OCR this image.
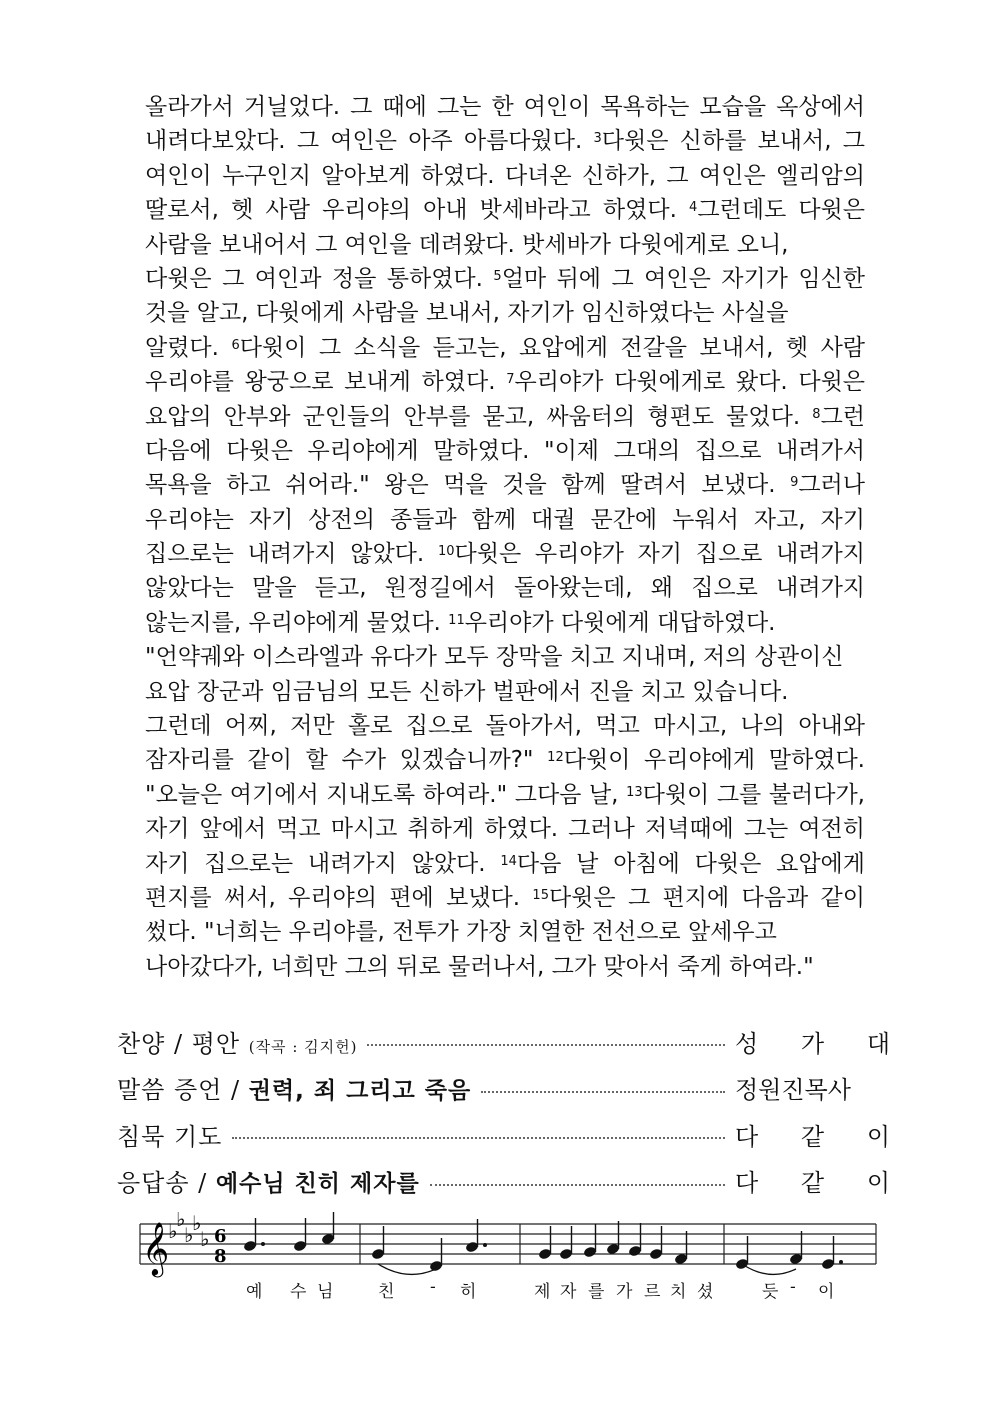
올라가서 거닐었다. 그 때에 그는 한 여인이 목욕하는 모습을 옥상에서
내려다보았다. 그 여인은 아주 아름다웠다. $^3$다윗은 신하를 보내서, 그
여인이 누구인지 알아보게 하였다. 다녀온 신하가, 그 여인은 엘리암의
딸로서, 헷 사람 우리야의 아내 밧세바라고 하였다. $^4$그런데도 다윗은
사람을 보내어서 그 여인을 데려왔다. 밧세바가 다윗에게로 오니,
다윗은 그 여인과 정을 통하였다. $^5$얼마 뒤에 그 여인은 자기가 임신한
것을 알고, 다윗에게 사람을 보내서, 자기가 임신하였다는 사실을
알렸다. $^6$다윗이 그 소식을 듣고는, 요압에게 전갈을 보내서, 헷 사람
우리야를 왕궁으로 보내게 하였다. $^7$우리야가 다윗에게로 왔다. 다윗은
요압의 안부와 군인들의 안부를 묻고, 싸움터의 형편도 물었다. $^8$그런
다음에 다윗은 우리야에게 말하였다. "이제 그대의 집으로 내려가서
목욕을 하고 쉬어라." 왕은 먹을 것을 함께 딸려서 보냈다. $^9$그러나
우리야는 자기 상전의 종들과 함께 대궐 문간에 누워서 자고, 자기
집으로는 내려가지 않았다. $^{10}$다윗은 우리야가 자기 집으로 내려가지
않았다는 말을 듣고, 원정길에서 돌아왔는데, 왜 집으로 내려가지
않는지를, 우리야에게 물었다. $^{11}$우리야가 다윗에게 대답하였다.
"언약궤와 이스라엘과 유다가 모두 장막을 치고 지내며, 저의 상관이신
요압 장군과 임금님의 모든 신하가 벌판에서 진을 치고 있습니다.
그런데 어찌, 저만 홀로 집으로 돌아가서, 먹고 마시고, 나의 아내와
잠자리를 같이 할 수가 있겠습니까?" $^{12}$다윗이 우리야에게 말하였다.
"오늘은 여기에서 지내도록 하여라." 그다음 날, $^{13}$다윗이 그를 불러다가,
자기 앞에서 먹고 마시고 취하게 하였다. 그러나 저녁때에 그는 여전히
자기 집으로는 내려가지 않았다. $^{14}$다음 날 아침에 다윗은 요압에게
편지를 써서, 우리야의 편에 보냈다. $^{15}$다윗은 그 편지에 다음과 같이
썼다. "너희는 우리야를, 전투가 가장 치열한 전선으로 앞세우고
나아갔다가, 너희만 그의 뒤로 물러나서, 그가 맞아서 죽게 하여라."
찬양 / 평안 (작곡 : 김지헌)	성 가 대
말씀 증언 / 권력, 죄 그리고 죽음	정원진목사
침묵 기도	다 같 이
응답송 / 예수님 친히 제자를	다 같 이
𝄞
♭
♭
♭
♭
♭ 6
8
예 수 님	친 - 히	제 자 를 가 르 치 셨	듯 - 이
